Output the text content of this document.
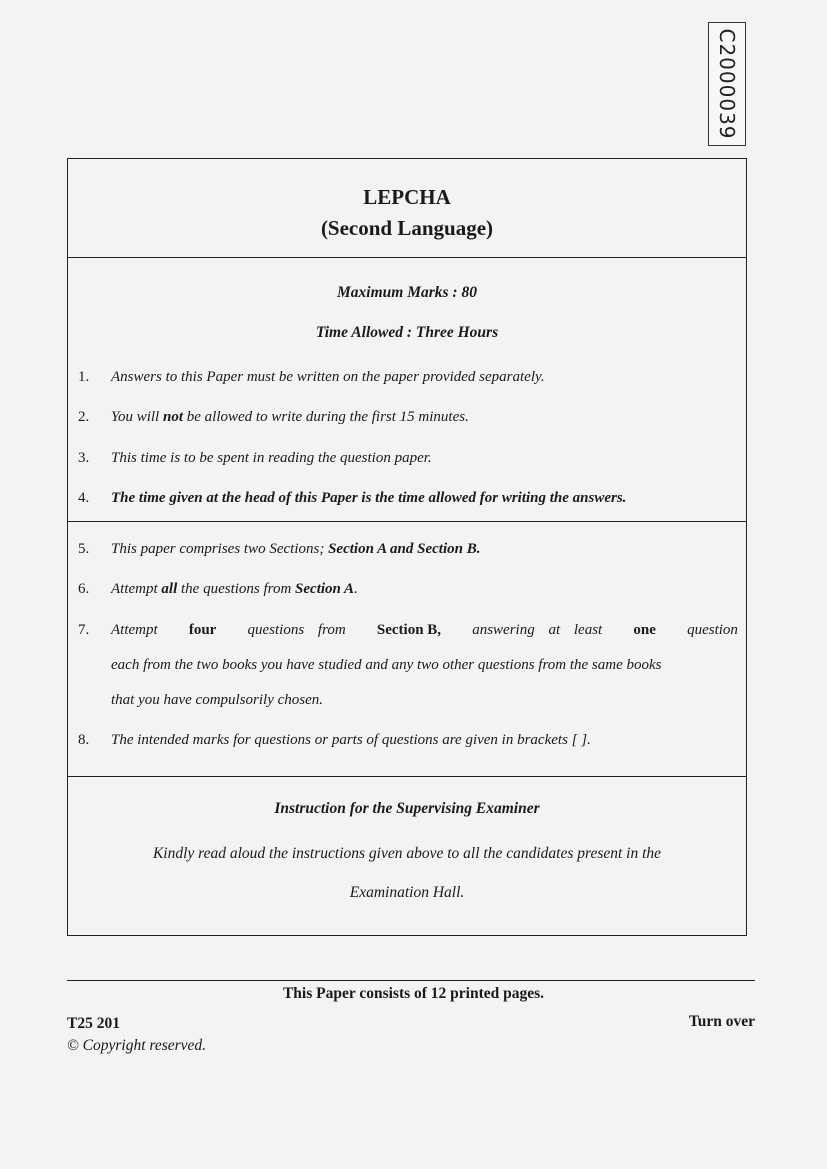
C2000039
LEPCHA
(Second Language)
Maximum Marks : 80
Time Allowed : Three Hours
1.	Answers to this Paper must be written on the paper provided separately.
2.	You will not be allowed to write during the first 15 minutes.
3.	This time is to be spent in reading the question paper.
4.	The time given at the head of this Paper is the time allowed for writing the answers.
5.	This paper comprises two Sections; Section A and Section B.
6.	Attempt all the questions from Section A.
7.	Attempt four questions from Section B, answering at least one question
each from the two books you have studied and any two other questions from the same books
that you have compulsorily chosen.
8.	The intended marks for questions or parts of questions are given in brackets [ ].
Instruction for the Supervising Examiner
Kindly read aloud the instructions given above to all the candidates present in the
Examination Hall.
This Paper consists of 12 printed pages.
T25 201
© Copyright reserved.
Turn over
